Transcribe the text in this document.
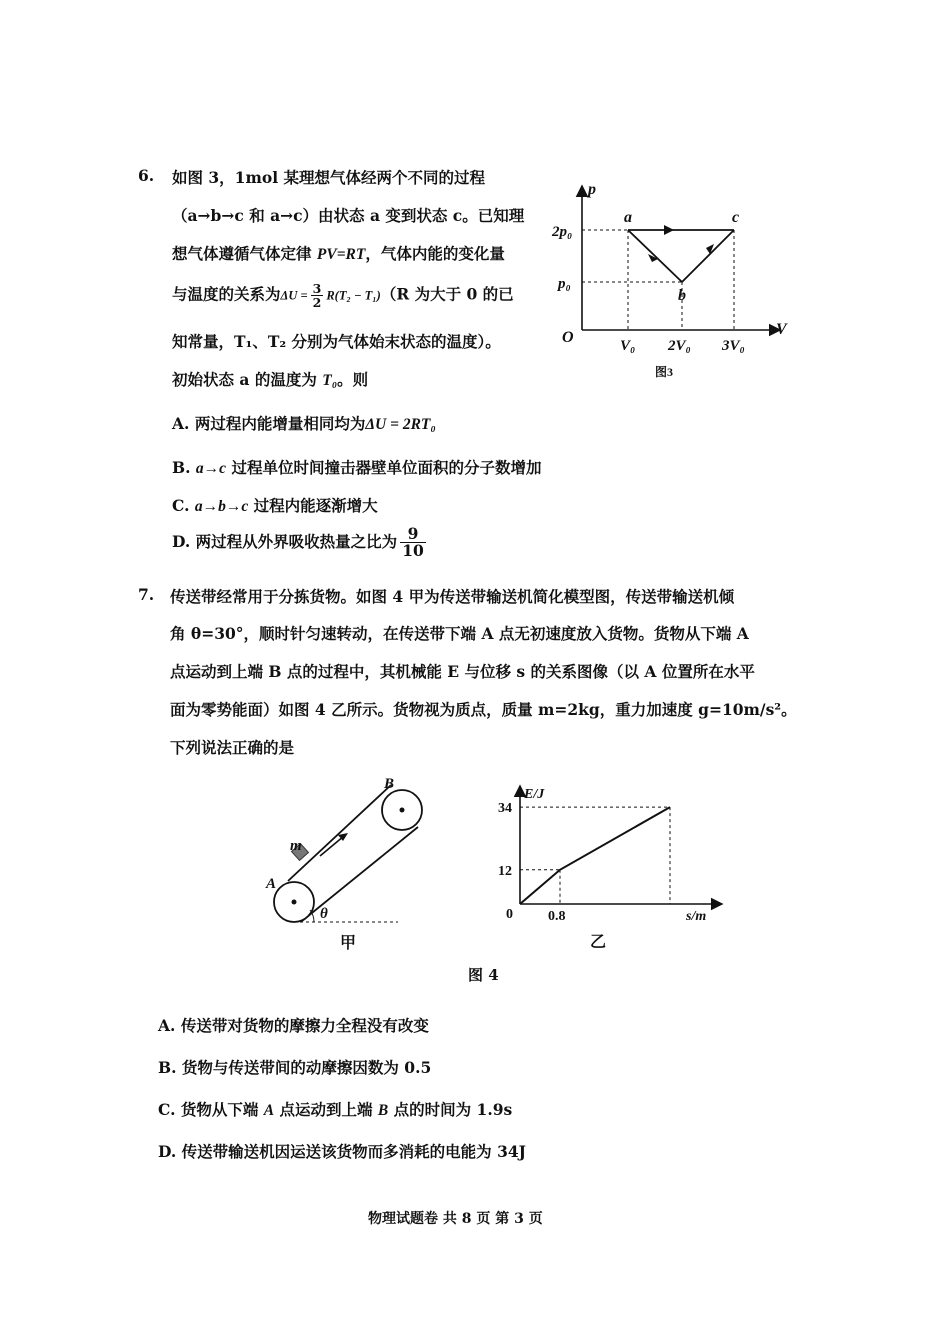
6. 如图 3，1mol 某理想气体经两个不同的过程
（a→b→c 和 a→c）由状态 a 变到状态 c。已知理
想气体遵循气体定律 PV=RT，气体内能的变化量
与温度的关系为$\Delta U = \frac{3}{2} R(T_2 - T_1)(R$ 为大于 0 的已
知常量，T₁、T₂ 分别为气体始末状态的温度）。
初始状态 a 的温度为 T₀。则
p
V
O
a
b
c
2p₀
p₀
V₀ 2V₀ 3V₀
图3
A. 两过程内能增量相同均为ΔU = 2RT₀
B. a→c 过程单位时间撞击器壁单位面积的分子数增加
C. a→b→c 过程内能逐渐增大
D. 两过程从外界吸收热量之比为 $\frac{9}{10}$
7. 传送带经常用于分拣货物。如图 4 甲为传送带输送机简化模型图，传送带输送机倾
角 θ=30°，顺时针匀速转动，在传送带下端 A 点无初速度放入货物。货物从下端 A
点运动到上端 B 点的过程中，其机械能 E 与位移 s 的关系图像（以 A 位置所在水平
面为零势能面）如图 4 乙所示。货物视为质点，质量 m=2kg，重力加速度 g=10m/s²。
下列说法正确的是
A
B
m
θ
甲
E/J
s/m
0
12
34
0.8
乙
图 4
A. 传送带对货物的摩擦力全程没有改变
B. 货物与传送带间的动摩擦因数为 0.5
C. 货物从下端 A 点运动到上端 B 点的时间为 1.9s
D. 传送带输送机因运送该货物而多消耗的电能为 34J
物理试题卷 共 8 页 第 3 页
